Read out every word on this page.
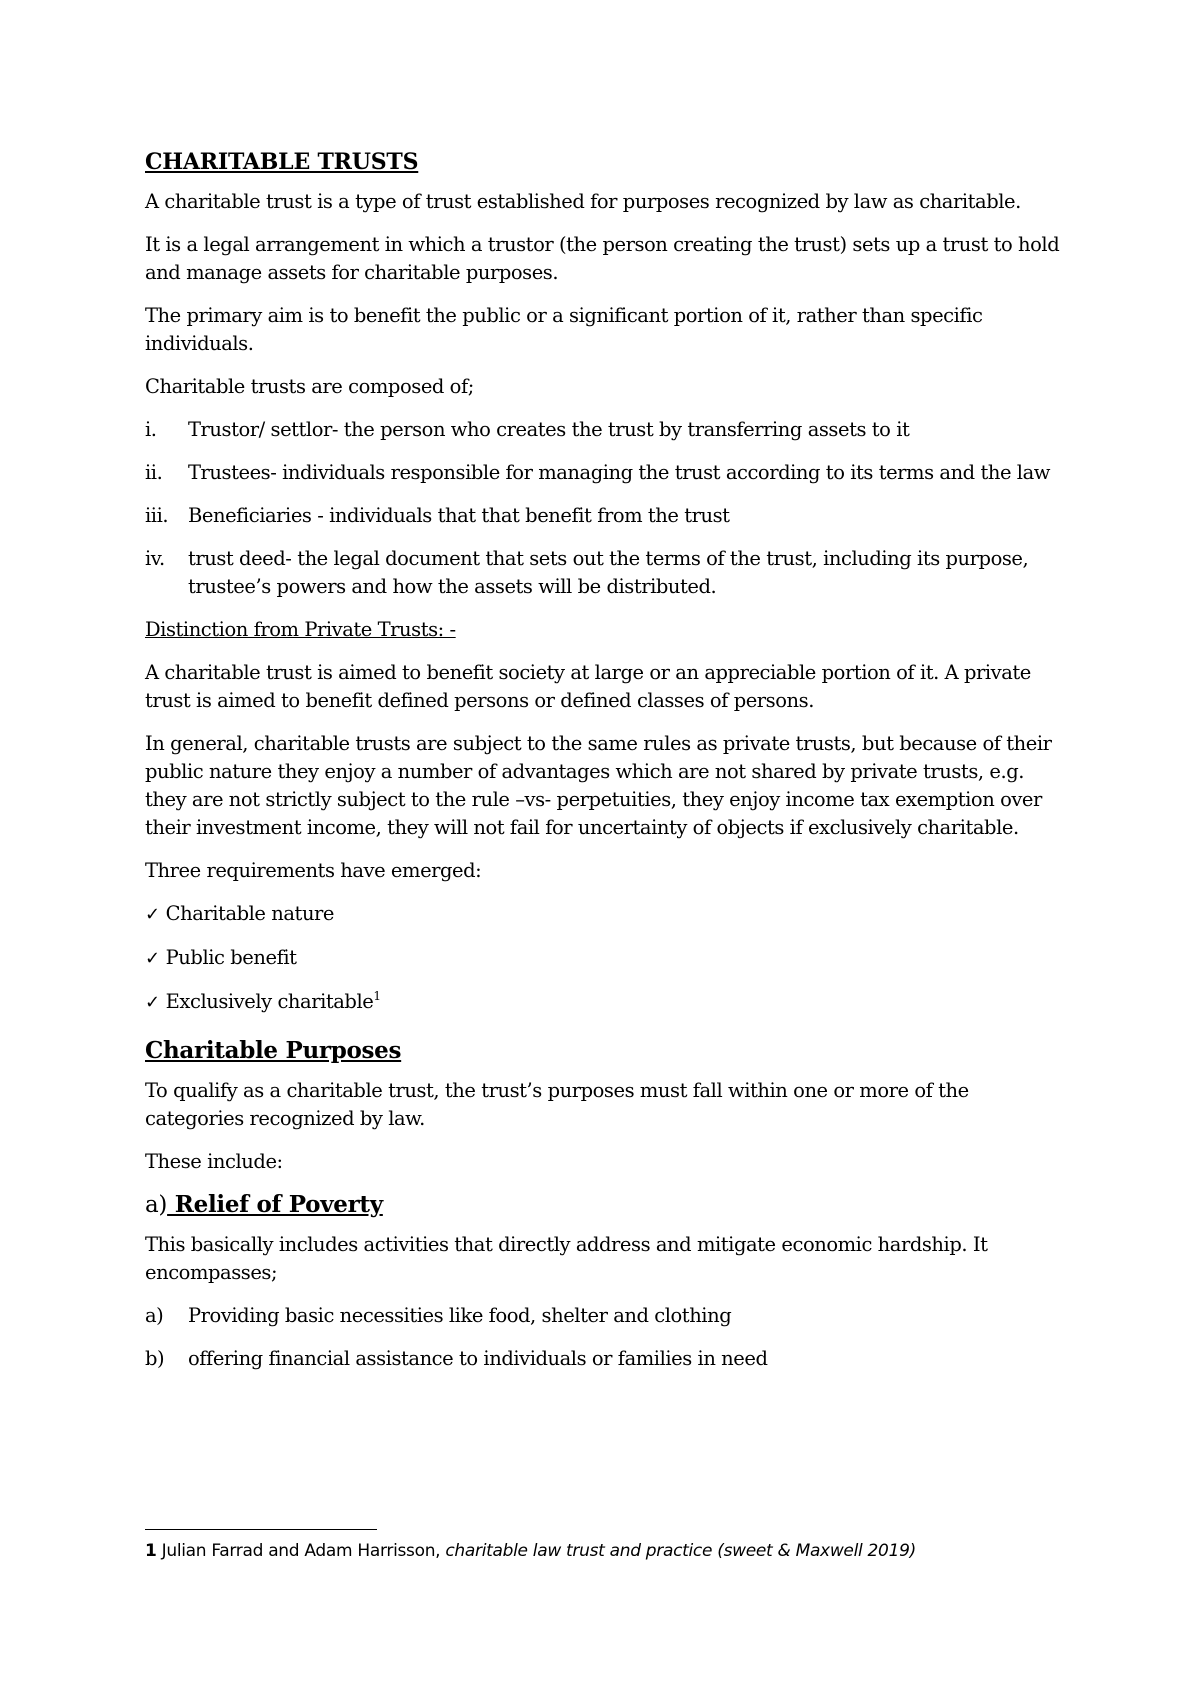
CHARITABLE TRUSTS

A charitable trust is a type of trust established for purposes recognized by law as charitable.

It is a legal arrangement in which a trustor (the person creating the trust) sets up a trust to hold and manage assets for charitable purposes.

The primary aim is to benefit the public or a significant portion of it, rather than specific individuals.

Charitable trusts are composed of;

i.	Trustor/ settlor- the person who creates the trust by transferring assets to it
ii.	Trustees- individuals responsible for managing the trust according to its terms and the law
iii.	Beneficiaries - individuals that that benefit from the trust
iv.	trust deed- the legal document that sets out the terms of the trust, including its purpose, trustee’s powers and how the assets will be distributed.

Distinction from Private Trusts: -

A charitable trust is aimed to benefit society at large or an appreciable portion of it. A private trust is aimed to benefit defined persons or defined classes of persons.

In general, charitable trusts are subject to the same rules as private trusts, but because of their public nature they enjoy a number of advantages which are not shared by private trusts, e.g. they are not strictly subject to the rule –vs- perpetuities, they enjoy income tax exemption over their investment income, they will not fail for uncertainty of objects if exclusively charitable.

Three requirements have emerged:

✓ Charitable nature
✓ Public benefit
✓ Exclusively charitable$^1$
Charitable Purposes

To qualify as a charitable trust, the trust’s purposes must fall within one or more of the categories recognized by law.

These include:

a) Relief of Poverty

This basically includes activities that directly address and mitigate economic hardship. It encompasses;

a)	Providing basic necessities like food, shelter and clothing
b)	offering financial assistance to individuals or families in need
1 Julian Farrad and Adam Harrisson, charitable law trust and practice (sweet & Maxwell 2019)
